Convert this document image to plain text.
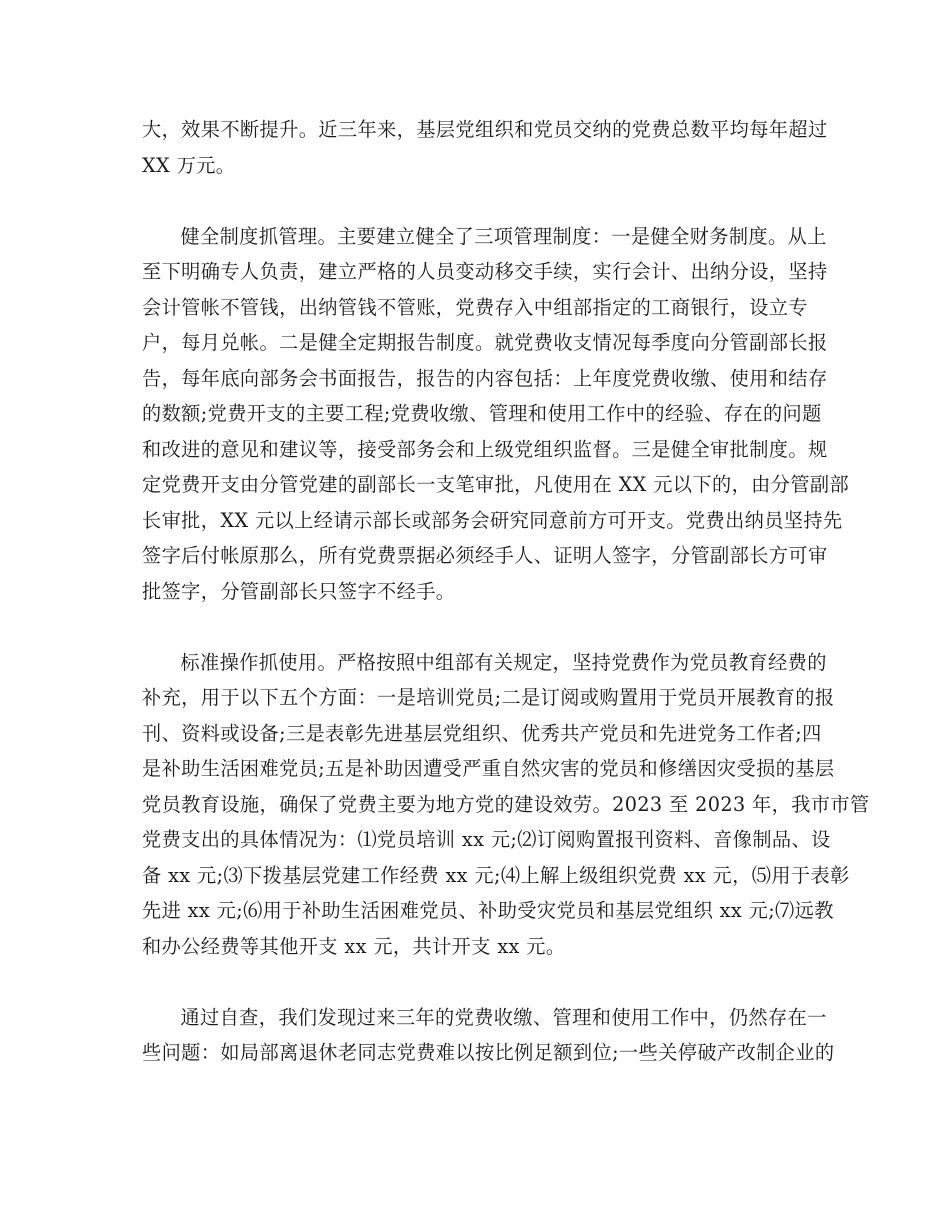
大，效果不断提升。近三年来，基层党组织和党员交纳的党费总数平均每年超过
XX 万元。
健全制度抓管理。主要建立健全了三项管理制度：一是健全财务制度。从上
至下明确专人负责，建立严格的人员变动移交手续，实行会计、出纳分设，坚持
会计管帐不管钱，出纳管钱不管账，党费存入中组部指定的工商银行，设立专
户，每月兑帐。二是健全定期报告制度。就党费收支情况每季度向分管副部长报
告，每年底向部务会书面报告，报告的内容包括：上年度党费收缴、使用和结存
的数额;党费开支的主要工程;党费收缴、管理和使用工作中的经验、存在的问题
和改进的意见和建议等，接受部务会和上级党组织监督。三是健全审批制度。规
定党费开支由分管党建的副部长一支笔审批，凡使用在 XX 元以下的，由分管副部
长审批，XX 元以上经请示部长或部务会研究同意前方可开支。党费出纳员坚持先
签字后付帐原那么，所有党费票据必须经手人、证明人签字，分管副部长方可审
批签字，分管副部长只签字不经手。
标准操作抓使用。严格按照中组部有关规定，坚持党费作为党员教育经费的
补充，用于以下五个方面：一是培训党员;二是订阅或购置用于党员开展教育的报
刊、资料或设备;三是表彰先进基层党组织、优秀共产党员和先进党务工作者;四
是补助生活困难党员;五是补助因遭受严重自然灾害的党员和修缮因灾受损的基层
党员教育设施，确保了党费主要为地方党的建设效劳。2023 至 2023 年，我市市管
党费支出的具体情况为：⑴党员培训 xx 元;⑵订阅购置报刊资料、音像制品、设
备 xx 元;⑶下拨基层党建工作经费 xx 元;⑷上解上级组织党费 xx 元，⑸用于表彰
先进 xx 元;⑹用于补助生活困难党员、补助受灾党员和基层党组织 xx 元;⑺远教
和办公经费等其他开支 xx 元，共计开支 xx 元。
通过自查，我们发现过来三年的党费收缴、管理和使用工作中，仍然存在一
些问题：如局部离退休老同志党费难以按比例足额到位;一些关停破产改制企业的
